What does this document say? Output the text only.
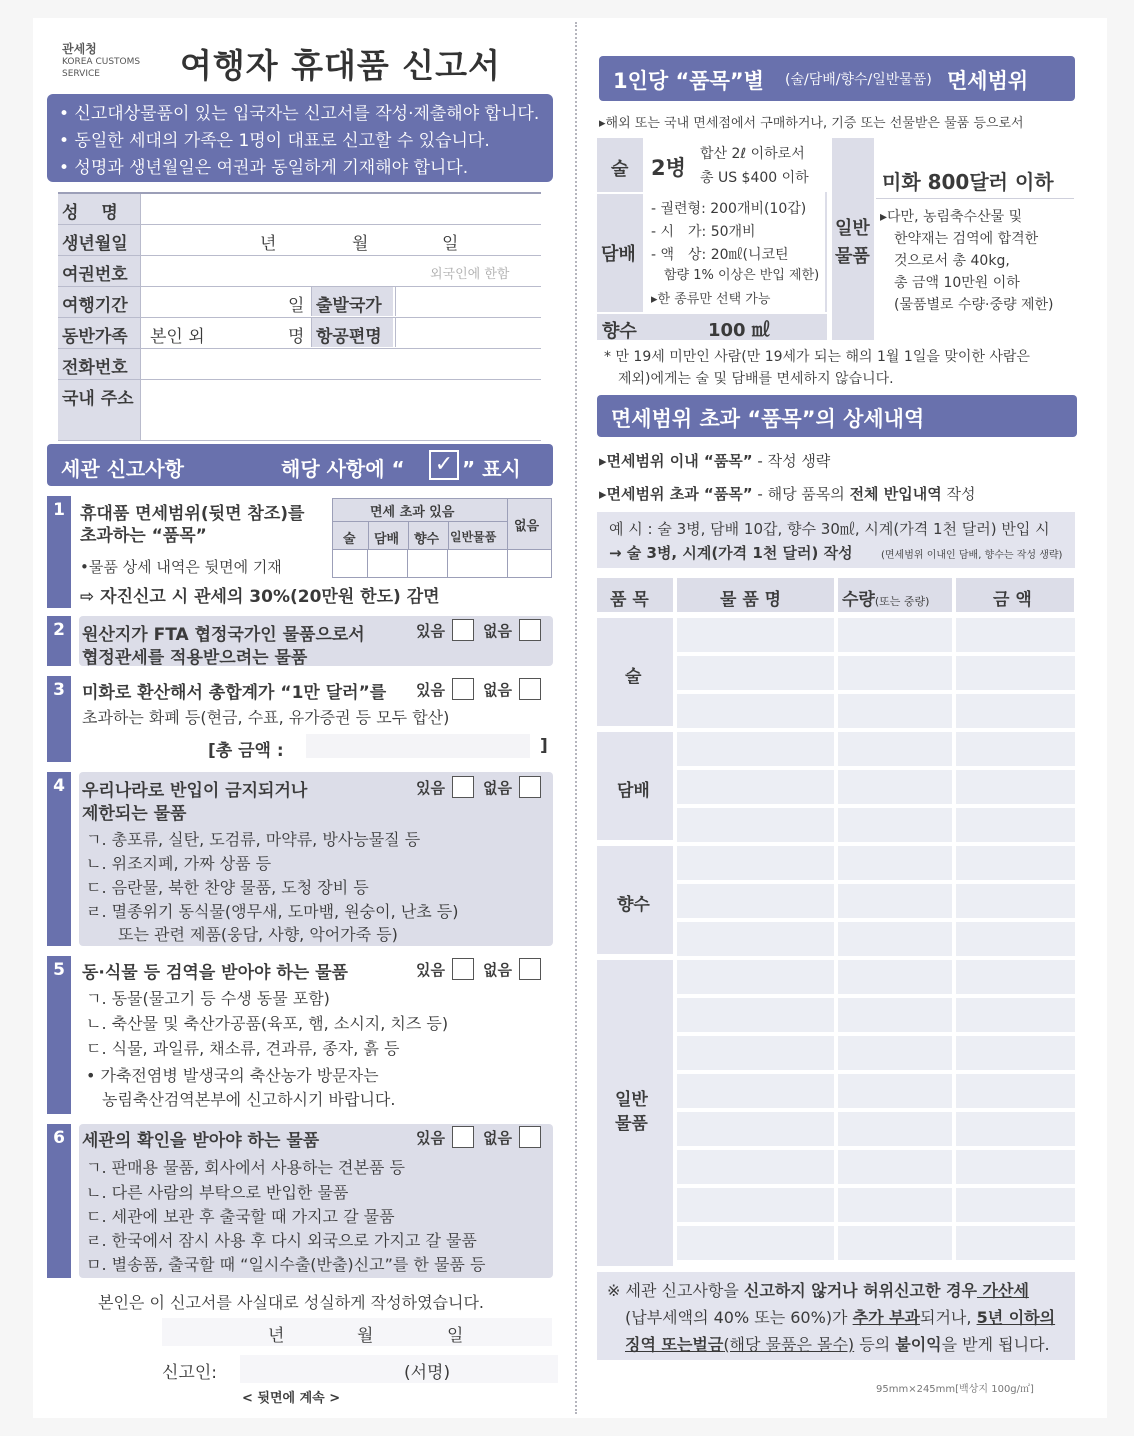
관세청
KOREA CUSTOMS
SERVICE 여행자 휴대품 신고서
• 신고대상물품이 있는 입국자는 신고서를 작성·제출해야 합니다.
• 동일한 세대의 가족은 1명이 대표로 신고할 수 있습니다.
• 성명과 생년월일은 여권과 동일하게 기재해야 합니다.
성　 명
생년월일	년	월	일
여권번호	외국인에 한함
여행기간	일 출발국가
동반가족 본인 외	명 항공편명
전화번호
국내 주소
세관 신고사항	해당 사항에 “ ✓ ” 표시
1 휴대품 면세범위(뒷면 참조)를
초과하는 “품목”
•물품 상세 내역은 뒷면에 기재
⇨ 자진신고 시 관세의 30%(20만원 한도) 감면
면세 초과 있음
술 담배 향수 일반물품
없음
2	원산지가 FTA 협정국가인 물품으로서
협정관세를 적용받으려는 물품
있음	없음
3	미화로 환산해서 총합계가 “1만 달러”를
초과하는 화폐 등(현금, 수표, 유가증권 등 모두 합산)
있음	없음
[총 금액 :	]
4	우리나라로 반입이 금지되거나
제한되는 물품
있음	없음
ㄱ. 총포류, 실탄, 도검류, 마약류, 방사능물질 등
ㄴ. 위조지폐, 가짜 상품 등
ㄷ. 음란물, 북한 찬양 물품, 도청 장비 등
ㄹ. 멸종위기 동식물(앵무새, 도마뱀, 원숭이, 난초 등)
　　또는 관련 제품(웅담, 사향, 악어가죽 등)
5	동·식물 등 검역을 받아야 하는 물품	있음	없음
ㄱ. 동물(물고기 등 수생 동물 포함)
ㄴ. 축산물 및 축산가공품(육포, 햄, 소시지, 치즈 등)
ㄷ. 식물, 과일류, 채소류, 견과류, 종자, 흙 등
• 가축전염병 발생국의 축산농가 방문자는
　농림축산검역본부에 신고하시기 바랍니다.
6	세관의 확인을 받아야 하는 물품	있음	없음
ㄱ. 판매용 물품, 회사에서 사용하는 견본품 등
ㄴ. 다른 사람의 부탁으로 반입한 물품
ㄷ. 세관에 보관 후 출국할 때 가지고 갈 물품
ㄹ. 한국에서 잠시 사용 후 다시 외국으로 가지고 갈 물품
ㅁ. 별송품, 출국할 때 “일시수출(반출)신고”를 한 물품 등
본인은 이 신고서를 사실대로 성실하게 작성하였습니다.
년	월	일
신고인:	(서명)
< 뒷면에 계속 >
1인당 “품목”별 (술/담배/향수/일반물품) 면세범위
▸해외 또는 국내 면세점에서 구매하거나, 기증 또는 선물받은 물품 등으로서
술 2병
합산 2ℓ 이하로서
총 US $400 이하
담배
- 궐련형: 200개비(10갑)
- 시　가: 50개비
- 액　상: 20㎖(니코틴
　함량 1% 이상은 반입 제한)
▸한 종류만 선택 가능
향수	100 ㎖
일반
물품
미화 800달러 이하
▸다만, 농림축수산물 및
　한약재는 검역에 합격한
　것으로서 총 40kg,
　총 금액 10만원 이하
　(물품별로 수량·중량 제한)
* 만 19세 미만인 사람(만 19세가 되는 해의 1월 1일을 맞이한 사람은
　제외)에게는 술 및 담배를 면세하지 않습니다.
면세범위 초과 “품목”의 상세내역
▸면세범위 이내 “품목” - 작성 생략
▸면세범위 초과 “품목” - 해당 품목의 전체 반입내역 작성
예 시 : 술 3병, 담배 10갑, 향수 30㎖, 시계(가격 1천 달러) 반입 시
→ 술 3병, 시계(가격 1천 달러) 작성	(면세범위 이내인 담배, 향수는 작성 생략)
품 목	물 품 명	수량(또는 중량)	금 액
술
담배
향수
일반
물품
※ 세관 신고사항을 신고하지 않거나 허위신고한 경우 가산세
(납부세액의 40% 또는 60%)가 추가 부과되거나, 5년 이하의
징역 또는벌금(해당 물품은 몰수) 등의 불이익을 받게 됩니다.
95mm×245mm[백상지 100g/㎡]
